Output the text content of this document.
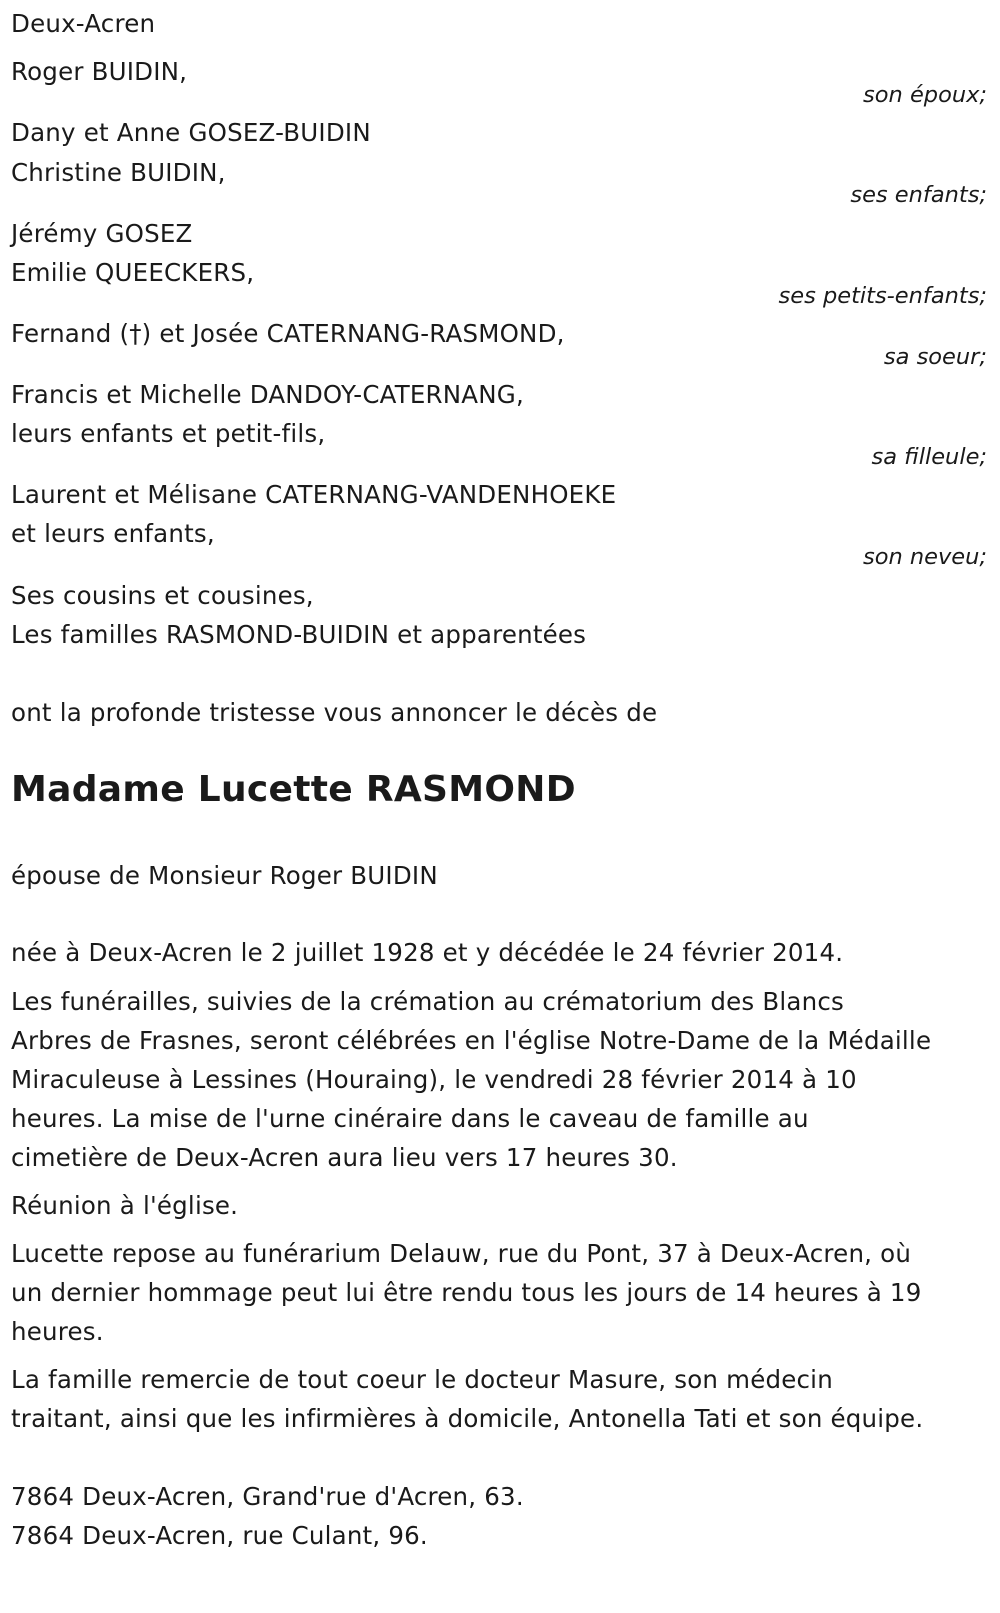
Deux-Acren
Roger BUIDIN,
son époux;
Dany et Anne GOSEZ-BUIDIN
Christine BUIDIN,
ses enfants;
Jérémy GOSEZ
Emilie QUEECKERS,
ses petits-enfants;
Fernand (†) et Josée CATERNANG-RASMOND,
sa soeur;
Francis et Michelle DANDOY-CATERNANG,
leurs enfants et petit-fils,
sa filleule;
Laurent et Mélisane CATERNANG-VANDENHOEKE
et leurs enfants,
son neveu;
Ses cousins et cousines,
Les familles RASMOND-BUIDIN et apparentées
ont la profonde tristesse vous annoncer le décès de
Madame Lucette RASMOND
épouse de Monsieur Roger BUIDIN
née à Deux-Acren le 2 juillet 1928 et y décédée le 24 février 2014.
Les funérailles, suivies de la crémation au crématorium des Blancs
Arbres de Frasnes, seront célébrées en l'église Notre-Dame de la Médaille
Miraculeuse à Lessines (Houraing), le vendredi 28 février 2014 à 10
heures. La mise de l'urne cinéraire dans le caveau de famille au
cimetière de Deux-Acren aura lieu vers 17 heures 30.
Réunion à l'église.
Lucette repose au funérarium Delauw, rue du Pont, 37 à Deux-Acren, où
un dernier hommage peut lui être rendu tous les jours de 14 heures à 19
heures.
La famille remercie de tout coeur le docteur Masure, son médecin
traitant, ainsi que les infirmières à domicile, Antonella Tati et son équipe.
7864 Deux-Acren, Grand'rue d'Acren, 63.
7864 Deux-Acren, rue Culant, 96.
